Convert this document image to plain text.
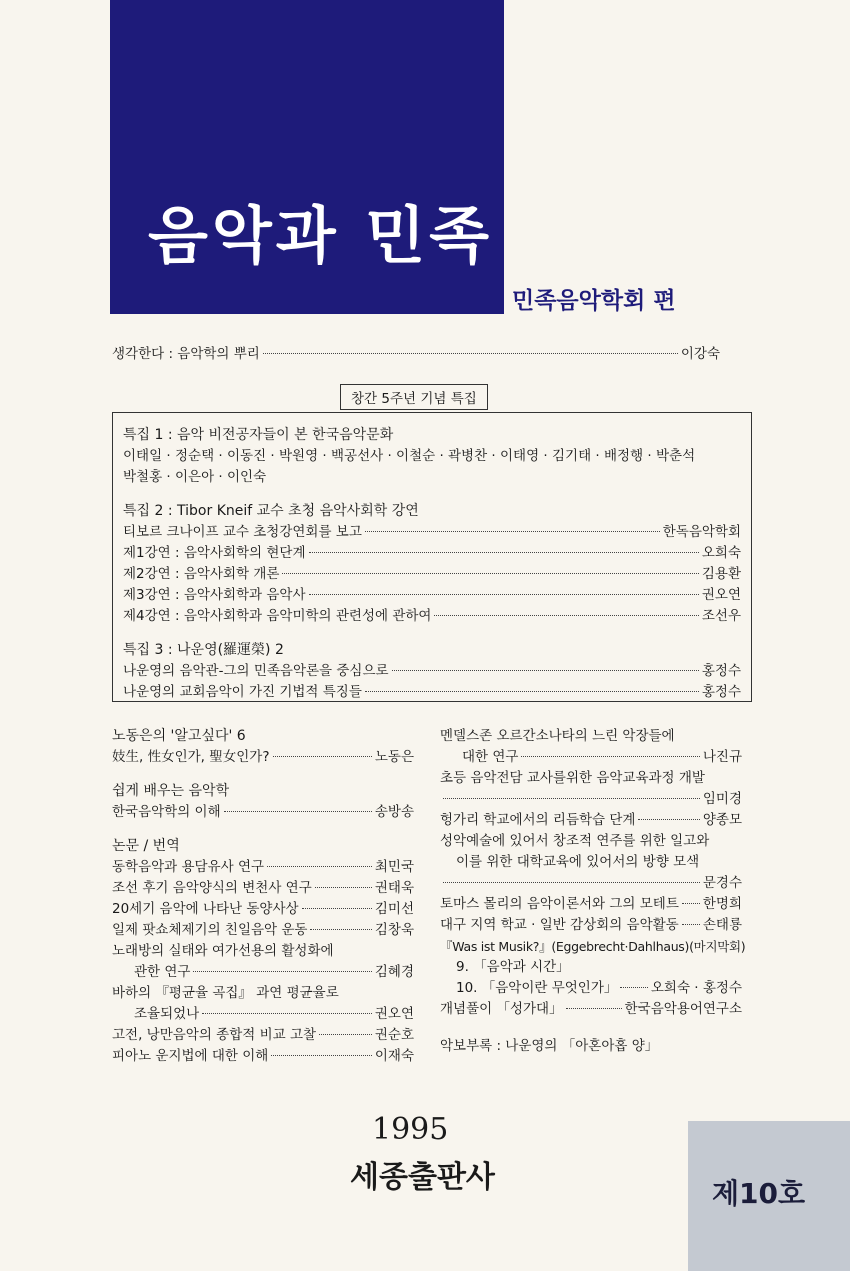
음악과 민족
민족음악학회 편
생각한다 : 음악학의 뿌리	이강숙
특집 1 : 음악 비전공자들이 본 한국음악문화
이태일 · 정순택 · 이동진 · 박원영 · 백공선사 · 이철순 · 곽병찬 · 이태영 · 김기태 · 배정행 · 박춘석
박철홍 · 이은아 · 이인숙
특집 2 : Tibor Kneif 교수 초청 음악사회학 강연
티보르 크나이프 교수 초청강연회를 보고	한독음악학회
제1강연 : 음악사회학의 현단계	오희숙
제2강연 : 음악사회학 개론	김용환
제3강연 : 음악사회학과 음악사	권오연
제4강연 : 음악사회학과 음악미학의 관련성에 관하여	조선우
특집 3 : 나운영(羅運榮) 2
나운영의 음악관-그의 민족음악론을 중심으로	홍정수
나운영의 교회음악이 가진 기법적 특징들	홍정수
창간 5주년 기념 특집
노동은의 '알고싶다' 6
妓生, 性女인가, 聖女인가?	노동은
쉽게 배우는 음악학
한국음악학의 이해	송방송
논문 / 번역
동학음악과 용담유사 연구	최민국
조선 후기 음악양식의 변천사 연구	권태욱
20세기 음악에 나타난 동양사상	김미선
일제 팟쇼체제기의 친일음악 운동	김창욱
노래방의 실태와 여가선용의 활성화에
관한 연구	김혜경
바하의 『평균율 곡집』 과연 평균율로
조율되었나	권오연
고전, 낭만음악의 종합적 비교 고찰	권순호
피아노 운지법에 대한 이해	이재숙
멘델스존 오르간소나타의 느린 악장들에
대한 연구	나진규
초등 음악전담 교사를위한 음악교육과정 개발
임미경
헝가리 학교에서의 리듬학습 단계	양종모
성악예술에 있어서 창조적 연주를 위한 일고와
이를 위한 대학교육에 있어서의 방향 모색
문경수
토마스 몰리의 음악이론서와 그의 모테트 한명희
대구 지역 학교 · 일반 감상회의 음악활동 손태룡
『Was ist Musik?』(Eggebrecht·Dahlhaus)(마지막회)
9. 「음악과 시간」
10. 「음악이란 무엇인가」 오희숙 · 홍정수
개념풀이 「성가대」	한국음악용어연구소
악보부록 : 나운영의 「아혼아홉 양」
1995
세종출판사	제10호
